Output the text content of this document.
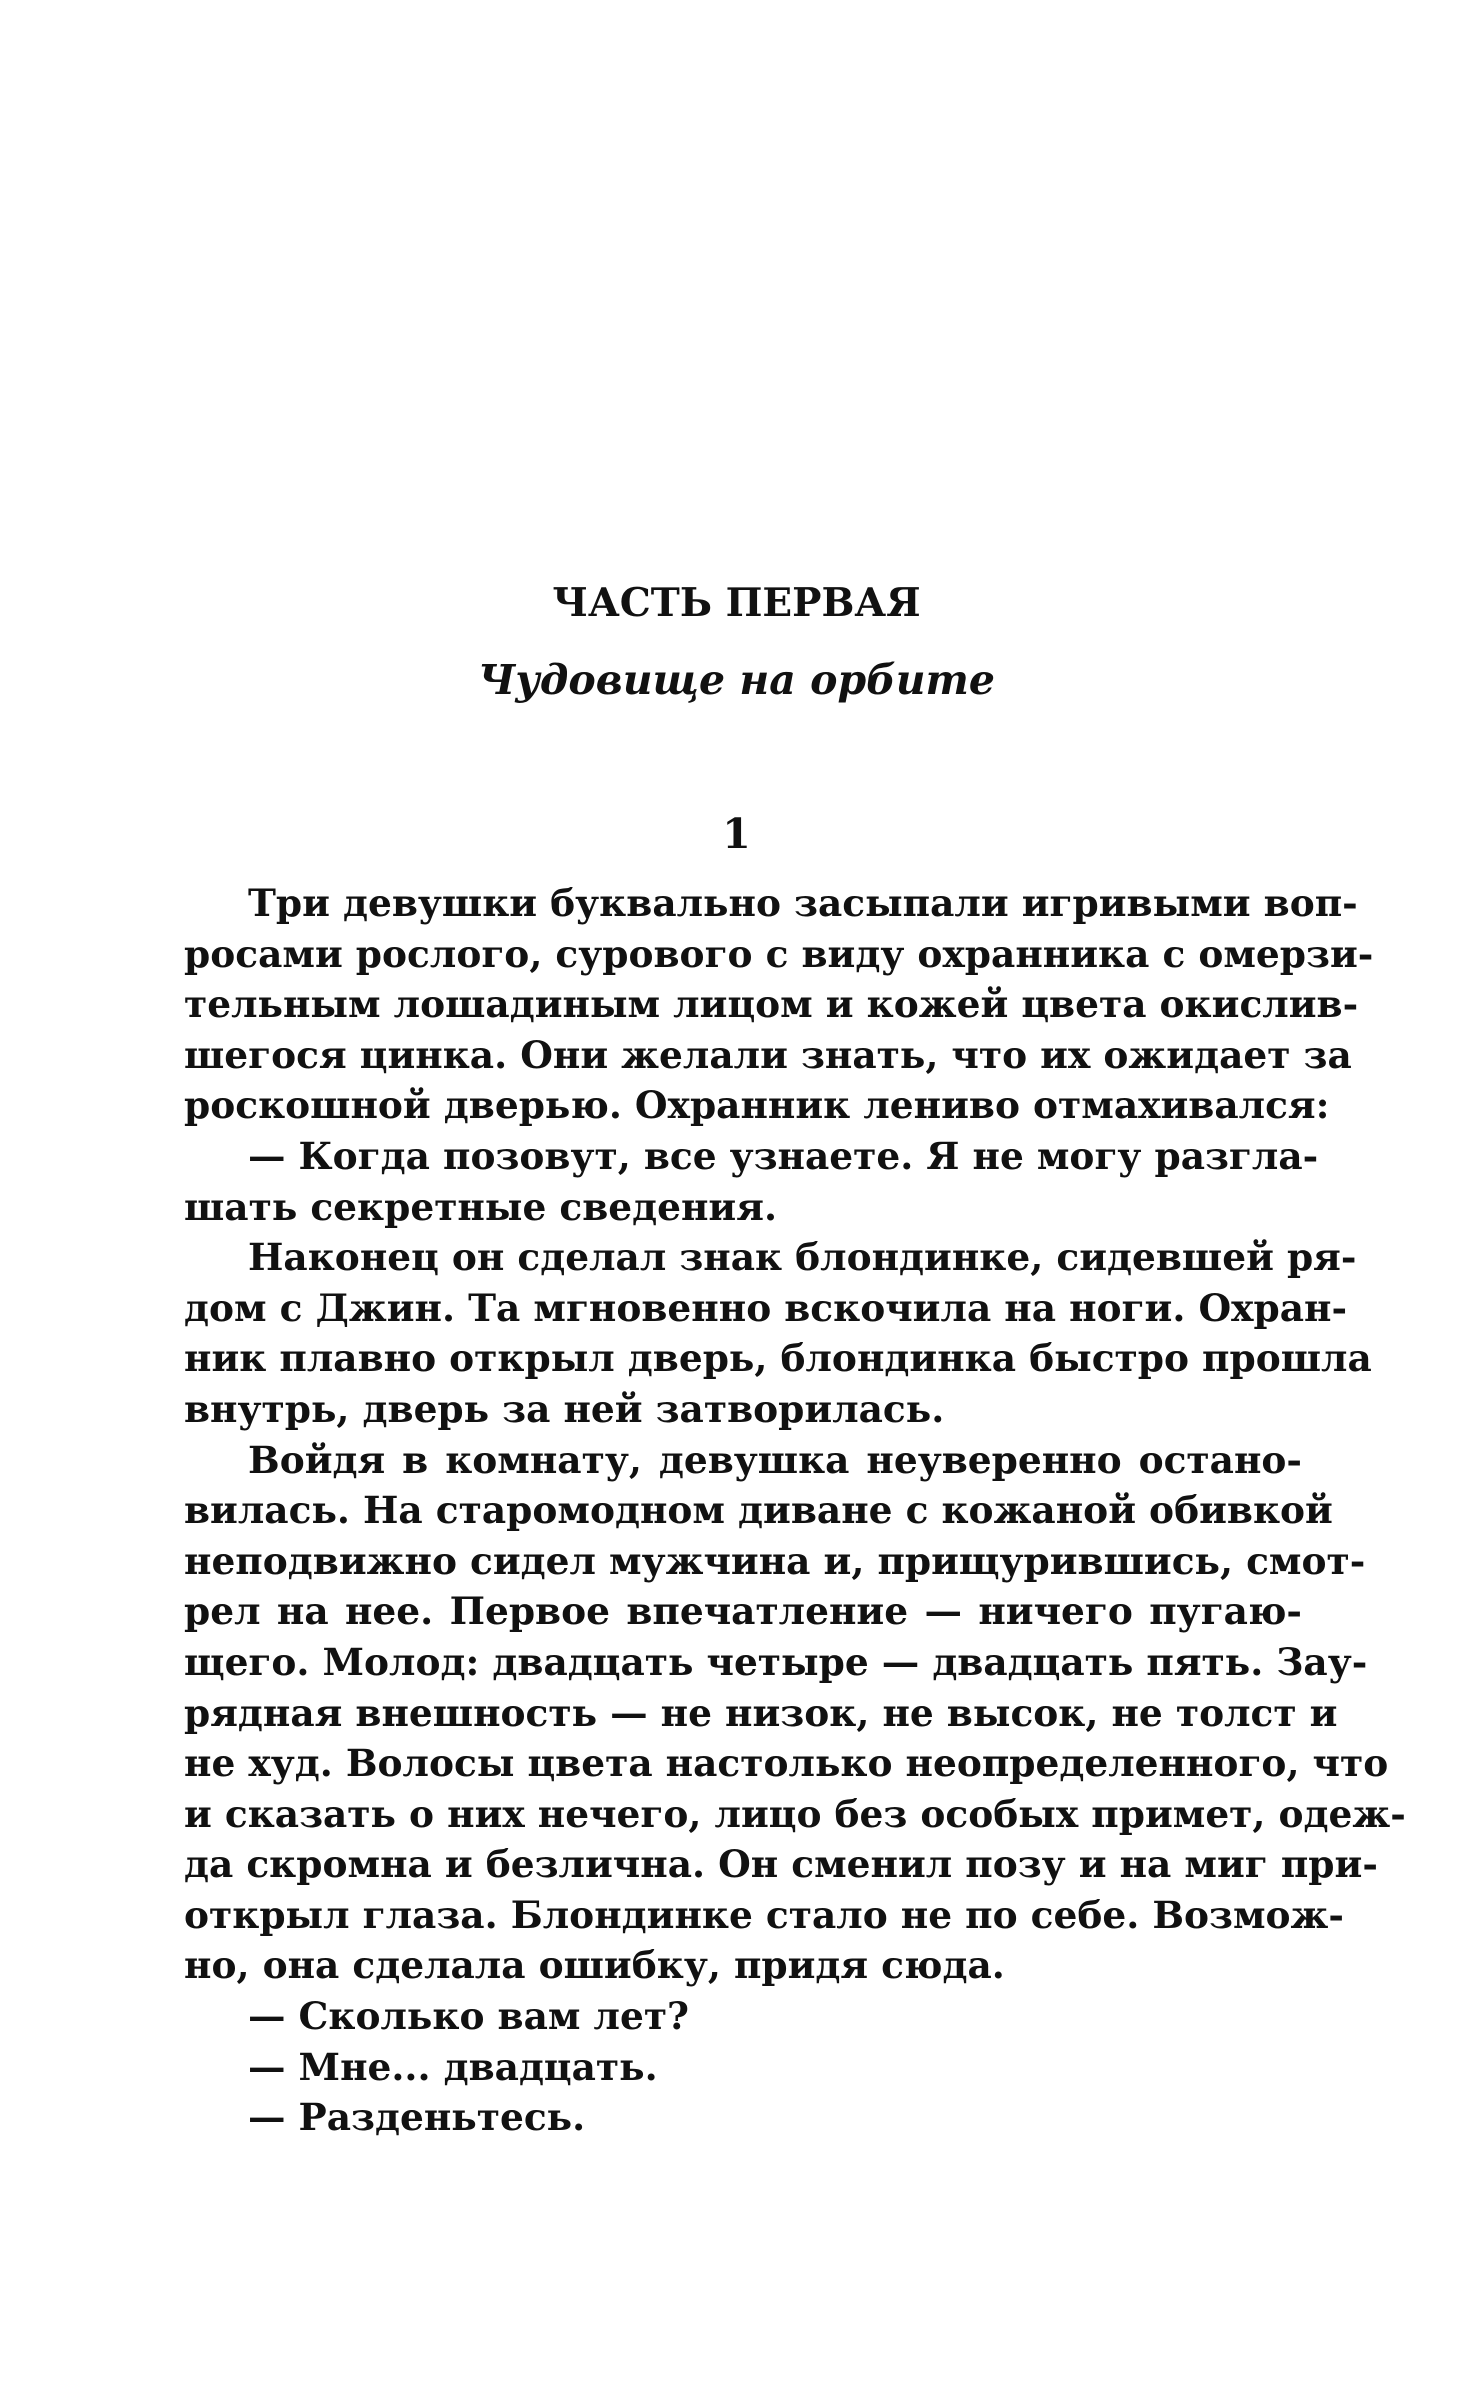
ЧАСТЬ ПЕРВАЯ
Чудовище на орбите
1
Три девушки буквально засыпали игривыми воп-
росами рослого, сурового с виду охранника с омерзи-
тельным лошадиным лицом и кожей цвета окислив-
шегося цинка. Они желали знать, что их ожидает за
роскошной дверью. Охранник лениво отмахивался:
— Когда позовут, все узнаете. Я не могу разгла-
шать секретные сведения.
Наконец он сделал знак блондинке, сидевшей ря-
дом с Джин. Та мгновенно вскочила на ноги. Охран-
ник плавно открыл дверь, блондинка быстро прошла
внутрь, дверь за ней затворилась.
Войдя в комнату, девушка неуверенно остано-
вилась. На старомодном диване с кожаной обивкой
неподвижно сидел мужчина и, прищурившись, смот-
рел на нее. Первое впечатление — ничего пугаю-
щего. Молод: двадцать четыре — двадцать пять. Зау-
рядная внешность — не низок, не высок, не толст и
не худ. Волосы цвета настолько неопределенного, что
и сказать о них нечего, лицо без особых примет, одеж-
да скромна и безлична. Он сменил позу и на миг при-
открыл глаза. Блондинке стало не по себе. Возмож-
но, она сделала ошибку, придя сюда.
— Сколько вам лет?
— Мне... двадцать.
— Разденьтесь.
